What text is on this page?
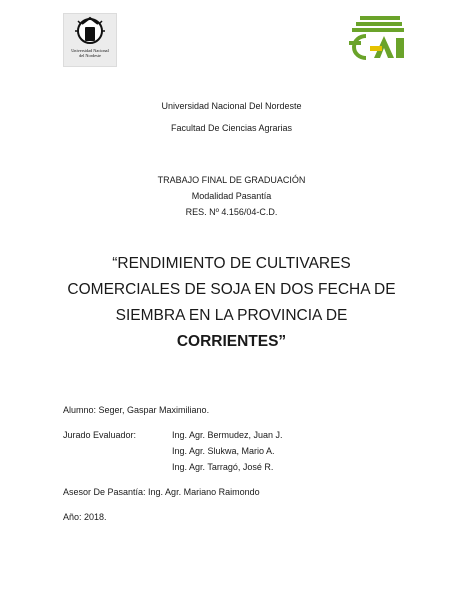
Universidad Nacional
del Nordeste
Universidad Nacional Del Nordeste
Facultad De Ciencias Agrarias
TRABAJO FINAL DE GRADUACIÓN
Modalidad Pasantía
RES. Nº 4.156/04-C.D.
“RENDIMIENTO DE CULTIVARES
COMERCIALES DE SOJA EN DOS FECHA DE
SIEMBRA EN LA PROVINCIA DE
CORRIENTES”
Alumno: Seger, Gaspar Maximiliano.
Jurado Evaluador:	Ing. Agr. Bermudez, Juan J.
Ing. Agr. Slukwa, Mario A.
Ing. Agr. Tarragó, José R.
Asesor De Pasantía: Ing. Agr. Mariano Raimondo
Año: 2018.
